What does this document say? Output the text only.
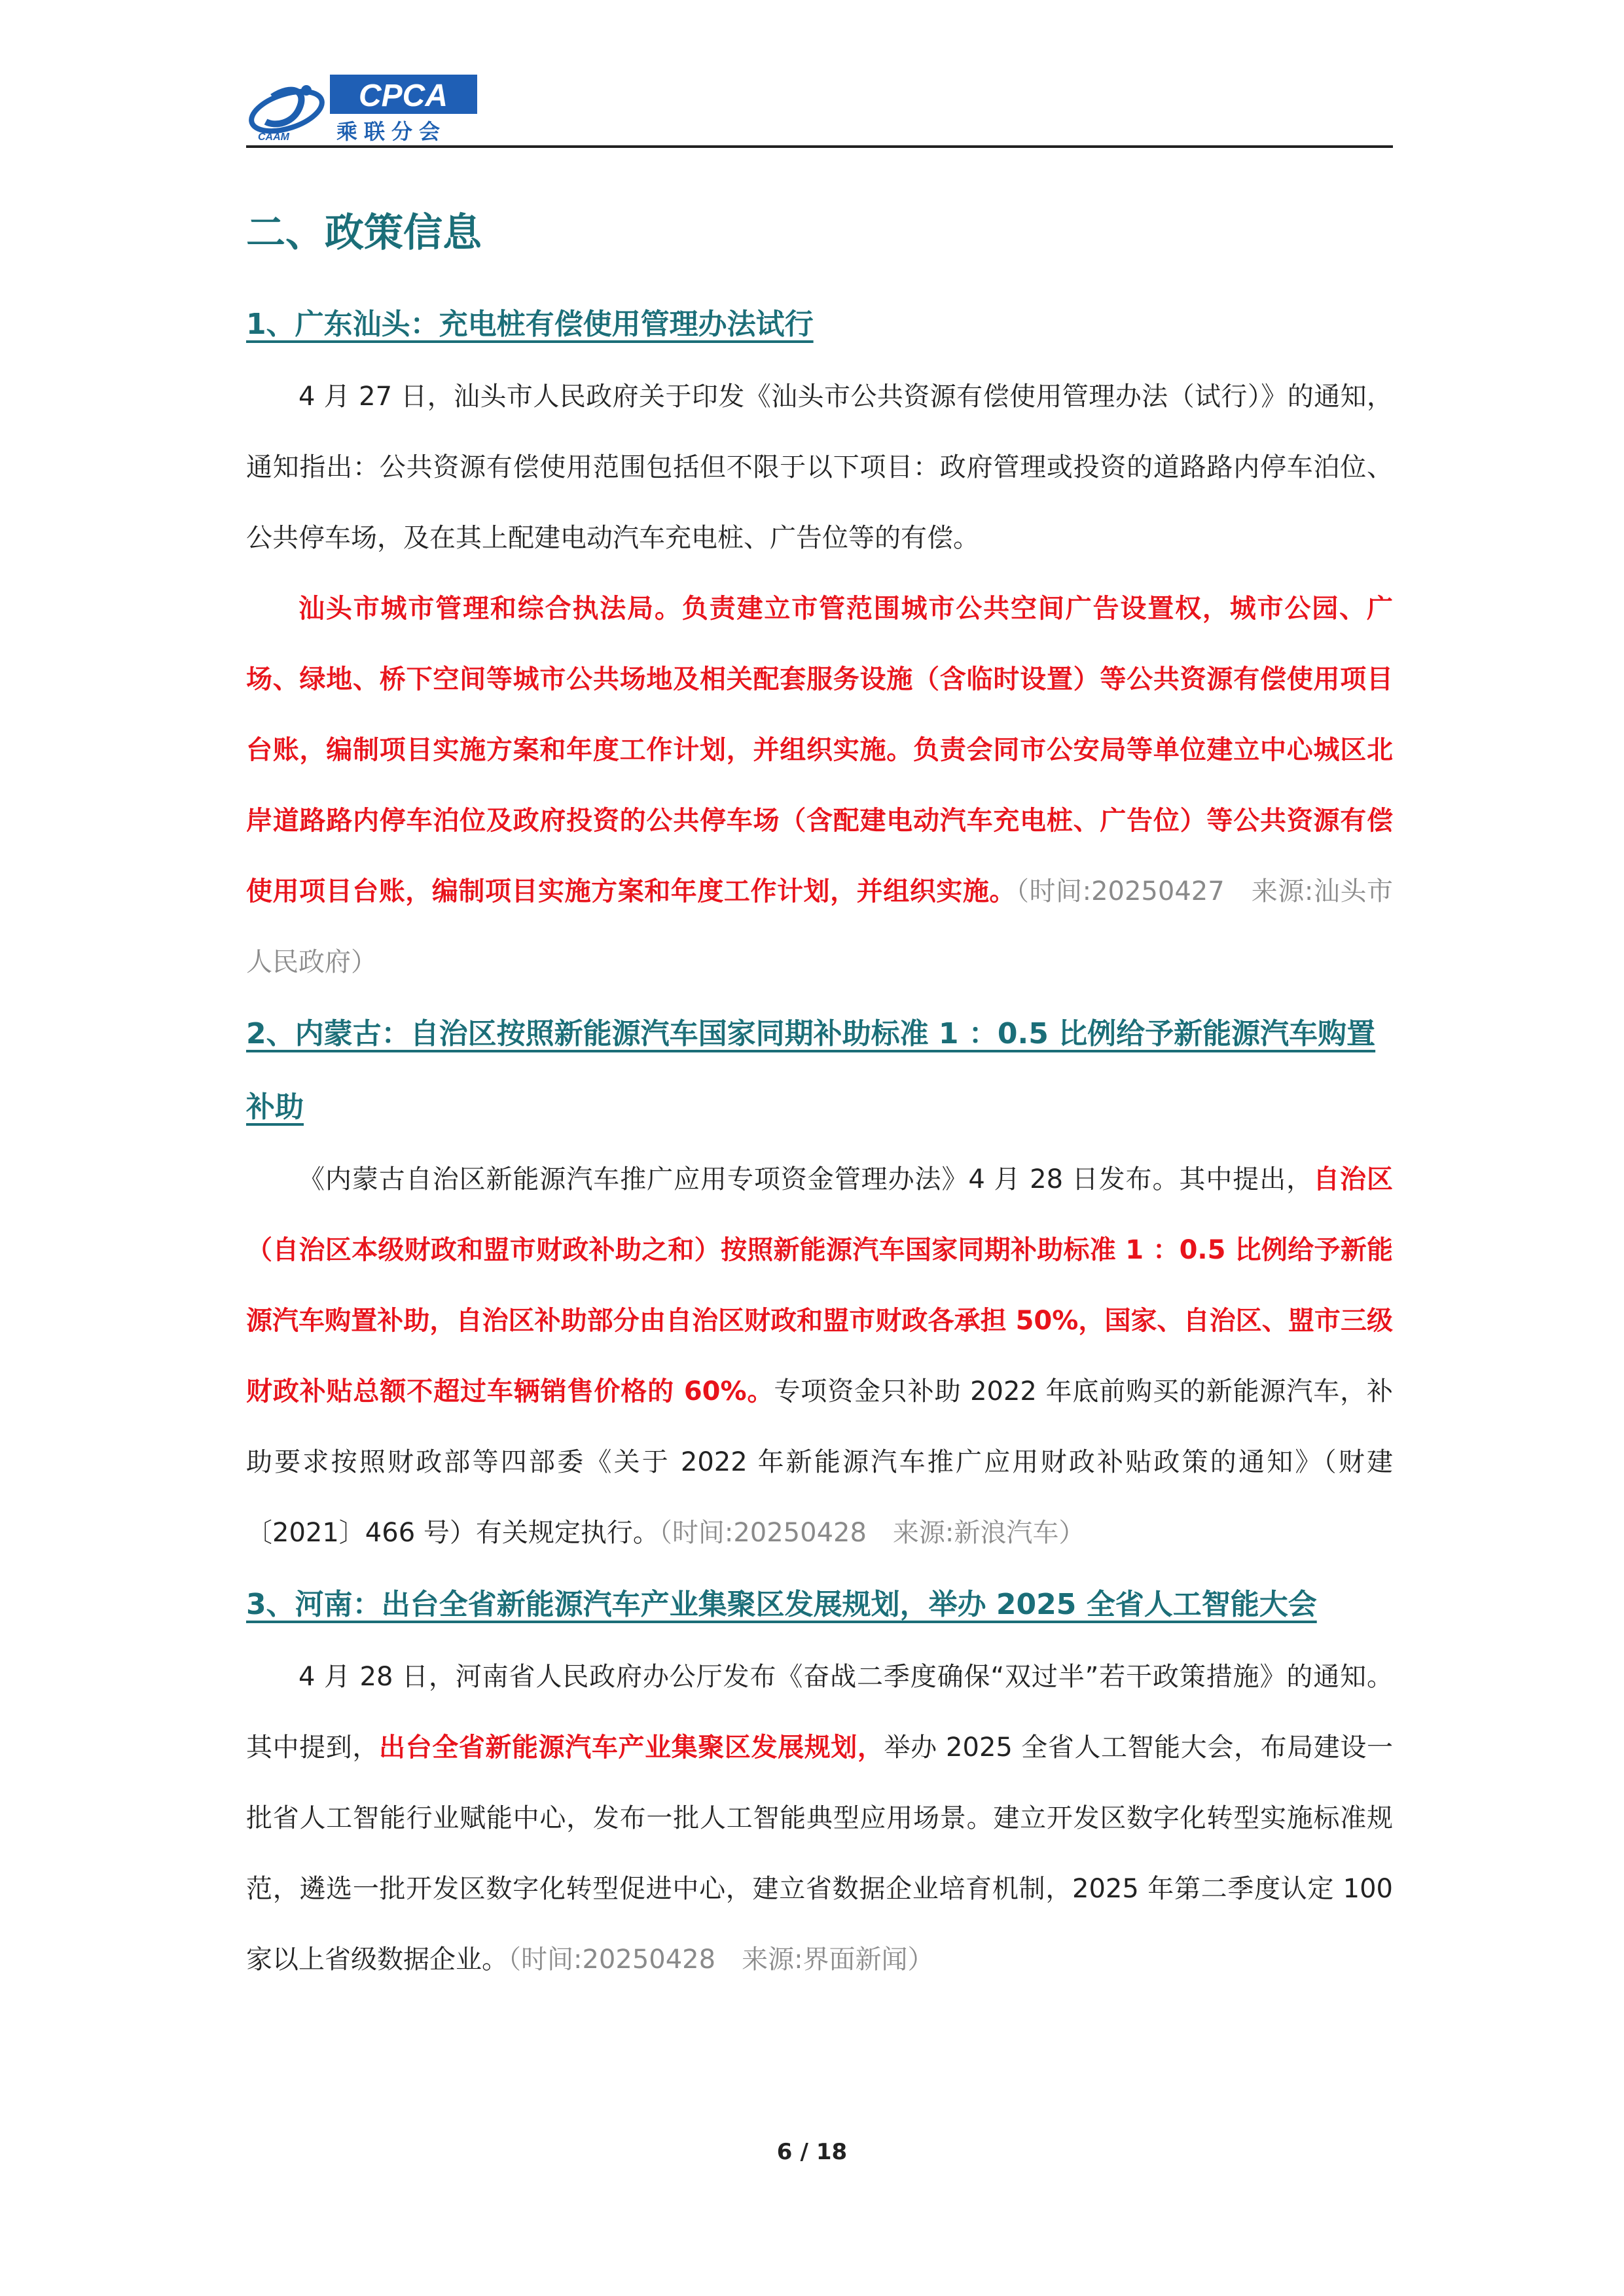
CPCA
CAAM 乘联分会
二、政策信息
1、广东汕头：充电桩有偿使用管理办法试行

4 月 27 日，汕头市人民政府关于印发《汕头市公共资源有偿使用管理办法（试行）》的通知，通知指出：公共资源有偿使用范围包括但不限于以下项目：政府管理或投资的道路路内停车泊位、公共停车场，及在其上配建电动汽车充电桩、广告位等的有偿。

汕头市城市管理和综合执法局。负责建立市管范围城市公共空间广告设置权，城市公园、广场、绿地、桥下空间等城市公共场地及相关配套服务设施（含临时设置）等公共资源有偿使用项目台账，编制项目实施方案和年度工作计划，并组织实施。负责会同市公安局等单位建立中心城区北岸道路路内停车泊位及政府投资的公共停车场（含配建电动汽车充电桩、广告位）等公共资源有偿使用项目台账，编制项目实施方案和年度工作计划，并组织实施。（时间:20250427　来源:汕头市人民政府）

2、内蒙古：自治区按照新能源汽车国家同期补助标准 1 ：0.5 比例给予新能源汽车购置补助

《内蒙古自治区新能源汽车推广应用专项资金管理办法》4 月 28 日发布。其中提出，自治区（自治区本级财政和盟市财政补助之和）按照新能源汽车国家同期补助标准 1 ：0.5 比例给予新能源汽车购置补助，自治区补助部分由自治区财政和盟市财政各承担 50%，国家、自治区、盟市三级财政补贴总额不超过车辆销售价格的 60%。专项资金只补助 2022 年底前购买的新能源汽车，补助要求按照财政部等四部委《关于 2022 年新能源汽车推广应用财政补贴政策的通知》（财建〔2021〕466 号）有关规定执行。（时间:20250428　来源:新浪汽车）

3、河南：出台全省新能源汽车产业集聚区发展规划，举办 2025 全省人工智能大会

4 月 28 日，河南省人民政府办公厅发布《奋战二季度确保“双过半”若干政策措施》的通知。其中提到，出台全省新能源汽车产业集聚区发展规划，举办 2025 全省人工智能大会，布局建设一批省人工智能行业赋能中心，发布一批人工智能典型应用场景。建立开发区数字化转型实施标准规范，遴选一批开发区数字化转型促进中心，建立省数据企业培育机制，2025 年第二季度认定 100 家以上省级数据企业。（时间:20250428　来源:界面新闻）

6 / 18
